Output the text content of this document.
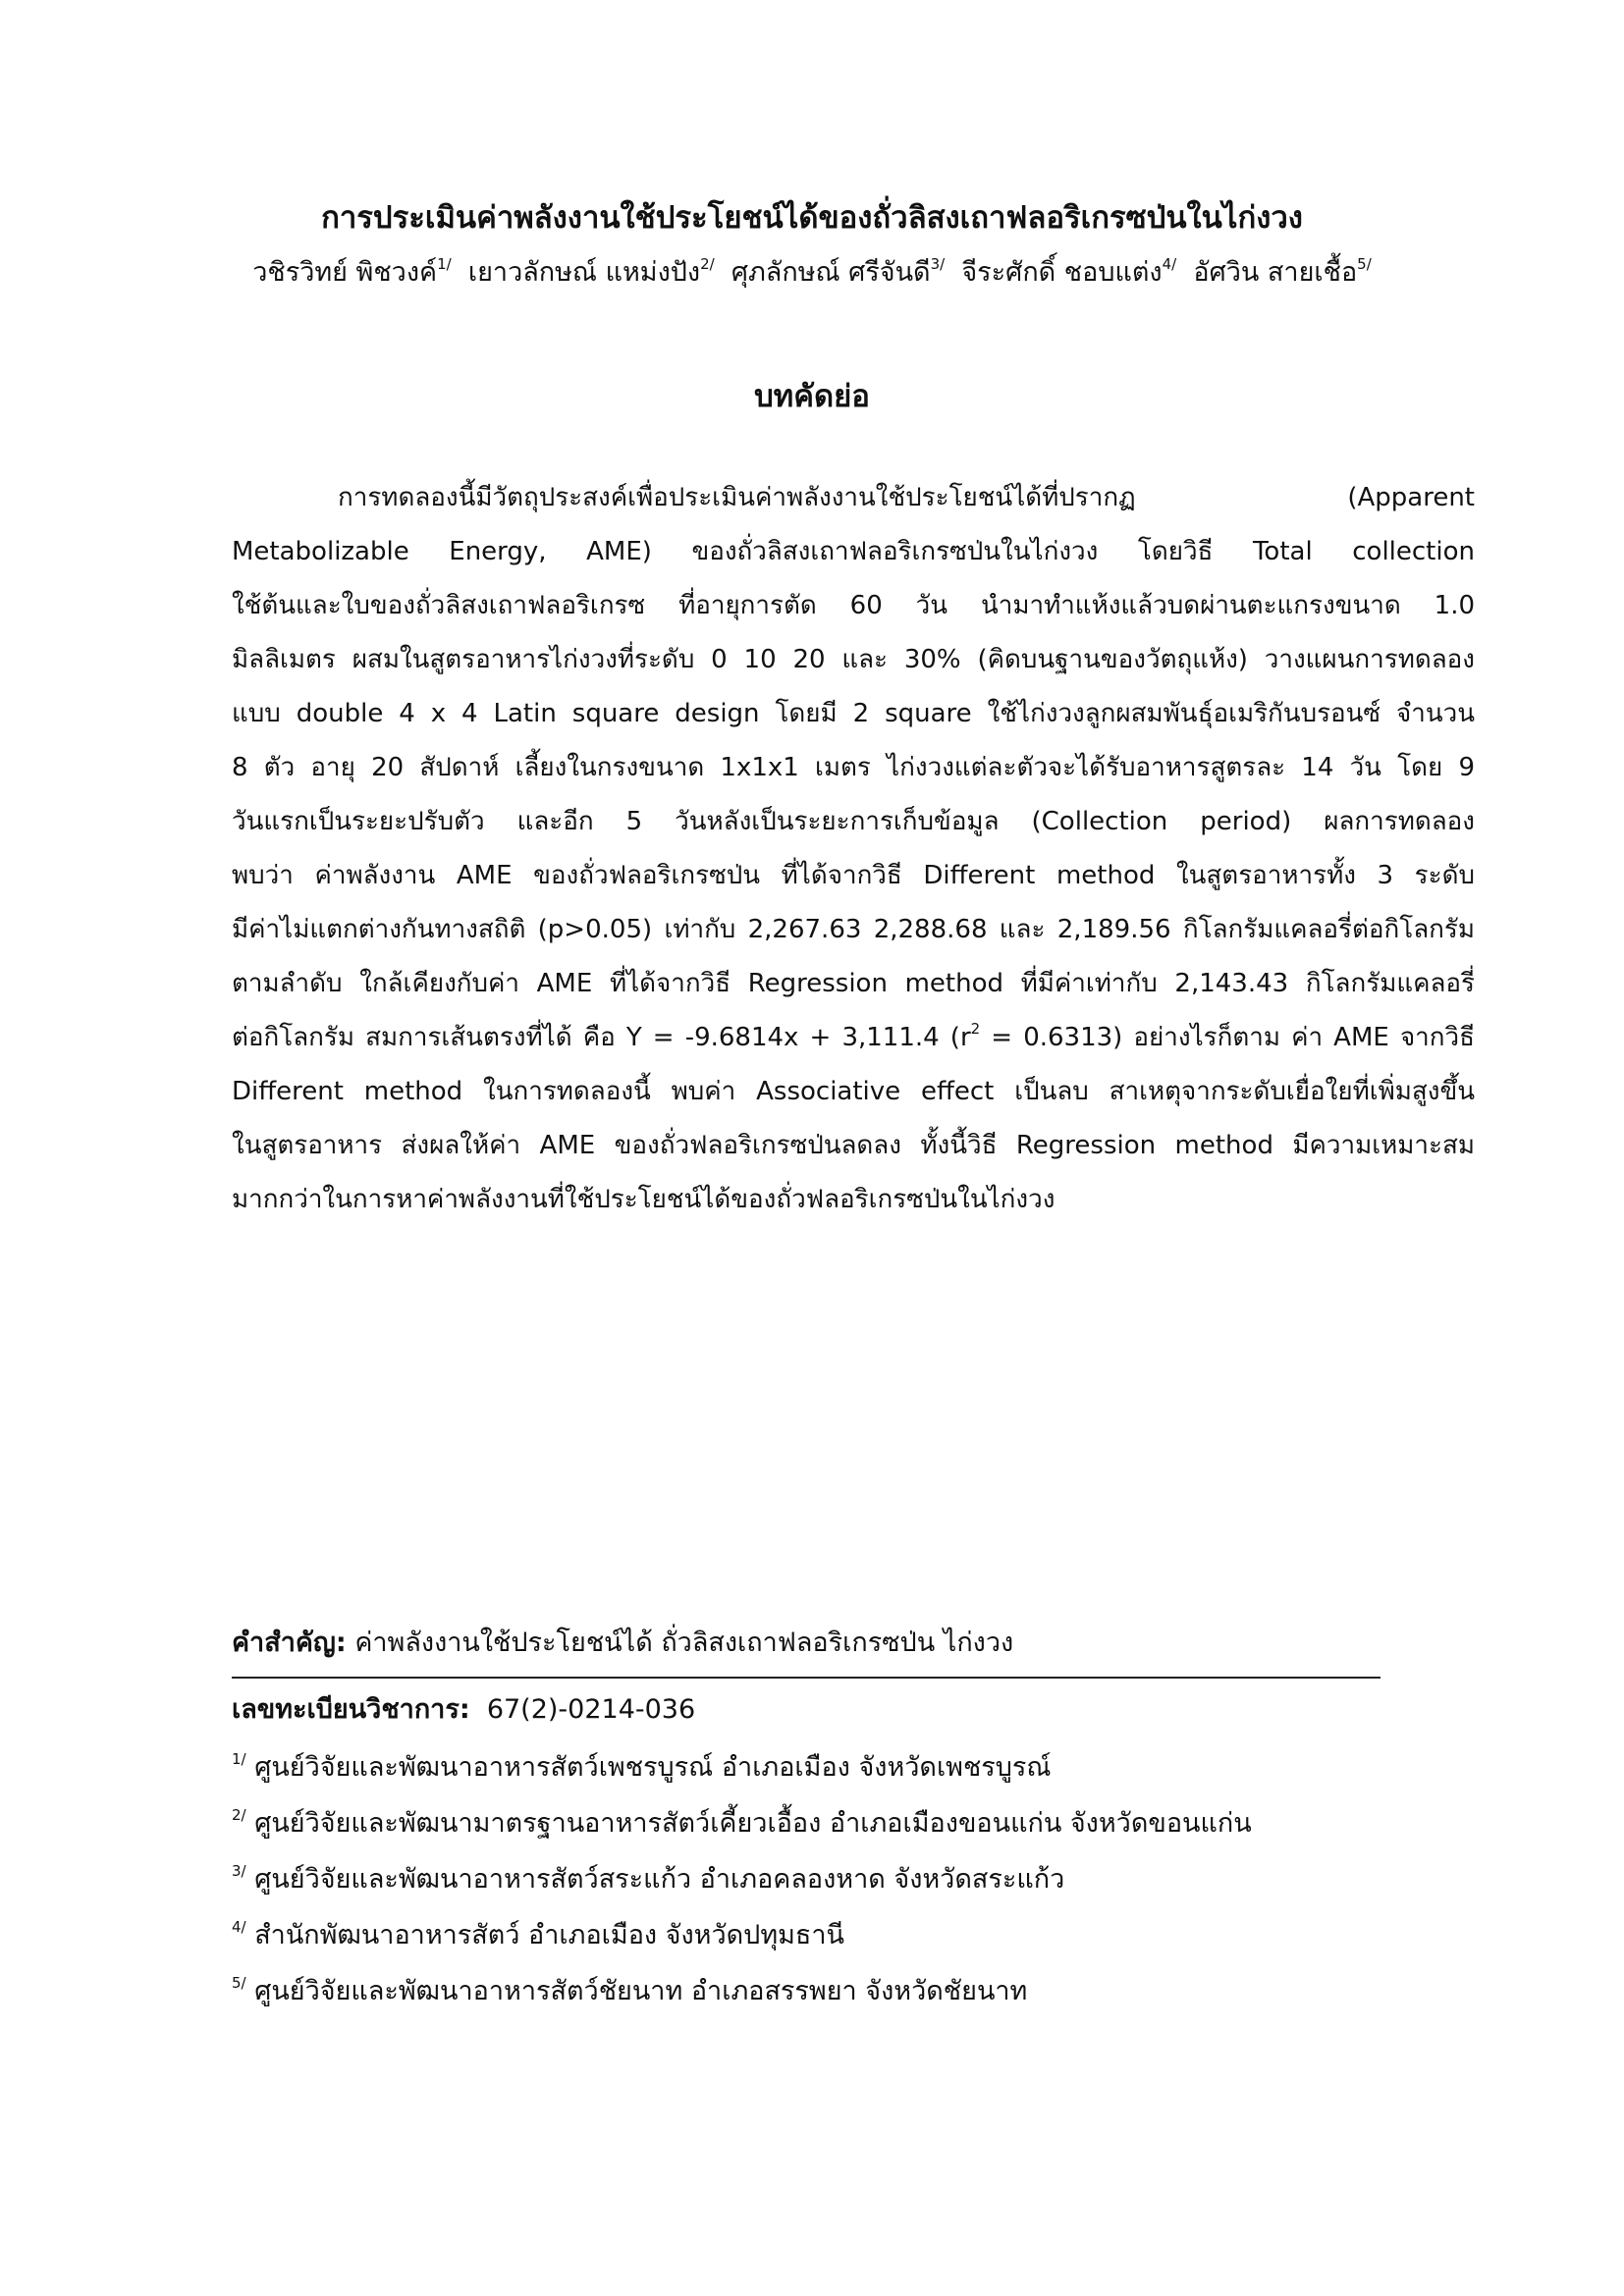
การประเมินค่าพลังงานใช้ประโยชน์ได้ของถั่วลิสงเถาฟลอริเกรซป่นในไก่งวง
วชิรวิทย์ พิชวงค์$^{1/}$ เยาวลักษณ์ แหม่งปัง$^{2/}$ ศุภลักษณ์ ศรีจันดี$^{3/}$ จีระศักดิ์ ชอบแต่ง$^{4/}$ อัศวิน สายเชื้อ$^{5/}$
บทคัดย่อ
การทดลองนี้มีวัตถุประสงค์เพื่อประเมินค่าพลังงานใช้ประโยชน์ได้ที่ปรากฏ (Apparent
Metabolizable Energy, AME) ของถั่วลิสงเถาฟลอริเกรซป่นในไก่งวง โดยวิธี Total collection
ใช้ต้นและใบของถั่วลิสงเถาฟลอริเกรซ ที่อายุการตัด 60 วัน นำมาทำแห้งแล้วบดผ่านตะแกรงขนาด 1.0
มิลลิเมตร ผสมในสูตรอาหารไก่งวงที่ระดับ 0 10 20 และ 30% (คิดบนฐานของวัตถุแห้ง) วางแผนการทดลอง
แบบ double 4 x 4 Latin square design โดยมี 2 square ใช้ไก่งวงลูกผสมพันธุ์อเมริกันบรอนซ์ จำนวน
8 ตัว อายุ 20 สัปดาห์ เลี้ยงในกรงขนาด 1x1x1 เมตร ไก่งวงแต่ละตัวจะได้รับอาหารสูตรละ 14 วัน โดย 9
วันแรกเป็นระยะปรับตัว และอีก 5 วันหลังเป็นระยะการเก็บข้อมูล (Collection period) ผลการทดลอง
พบว่า ค่าพลังงาน AME ของถั่วฟลอริเกรซป่น ที่ได้จากวิธี Different method ในสูตรอาหารทั้ง 3 ระดับ
มีค่าไม่แตกต่างกันทางสถิติ (p>0.05) เท่ากับ 2,267.63 2,288.68 และ 2,189.56 กิโลกรัมแคลอรี่ต่อกิโลกรัม
ตามลำดับ ใกล้เคียงกับค่า AME ที่ได้จากวิธี Regression method ที่มีค่าเท่ากับ 2,143.43 กิโลกรัมแคลอรี่
ต่อกิโลกรัม สมการเส้นตรงที่ได้ คือ Y = -9.6814x + 3,111.4 $(r^2 = 0.6313)$ อย่างไรก็ตาม ค่า AME จากวิธี
Different method ในการทดลองนี้ พบค่า Associative effect เป็นลบ สาเหตุจากระดับเยื่อใยที่เพิ่มสูงขึ้น
ในสูตรอาหาร ส่งผลให้ค่า AME ของถั่วฟลอริเกรซป่นลดลง ทั้งนี้วิธี Regression method มีความเหมาะสม
มากกว่าในการหาค่าพลังงานที่ใช้ประโยชน์ได้ของถั่วฟลอริเกรซป่นในไก่งวง
คำสำคัญ: ค่าพลังงานใช้ประโยชน์ได้ ถั่วลิสงเถาฟลอริเกรซป่น ไก่งวง
เลขทะเบียนวิชาการ: 67(2)-0214-036
$^{1/}$ ศูนย์วิจัยและพัฒนาอาหารสัตว์เพชรบูรณ์ อำเภอเมือง จังหวัดเพชรบูรณ์
$^{2/}$ ศูนย์วิจัยและพัฒนามาตรฐานอาหารสัตว์เคี้ยวเอื้อง อำเภอเมืองขอนแก่น จังหวัดขอนแก่น
$^{3/}$ ศูนย์วิจัยและพัฒนาอาหารสัตว์สระแก้ว อำเภอคลองหาด จังหวัดสระแก้ว
$^{4/}$ สำนักพัฒนาอาหารสัตว์ อำเภอเมือง จังหวัดปทุมธานี
$^{5/}$ ศูนย์วิจัยและพัฒนาอาหารสัตว์ชัยนาท อำเภอสรรพยา จังหวัดชัยนาท
